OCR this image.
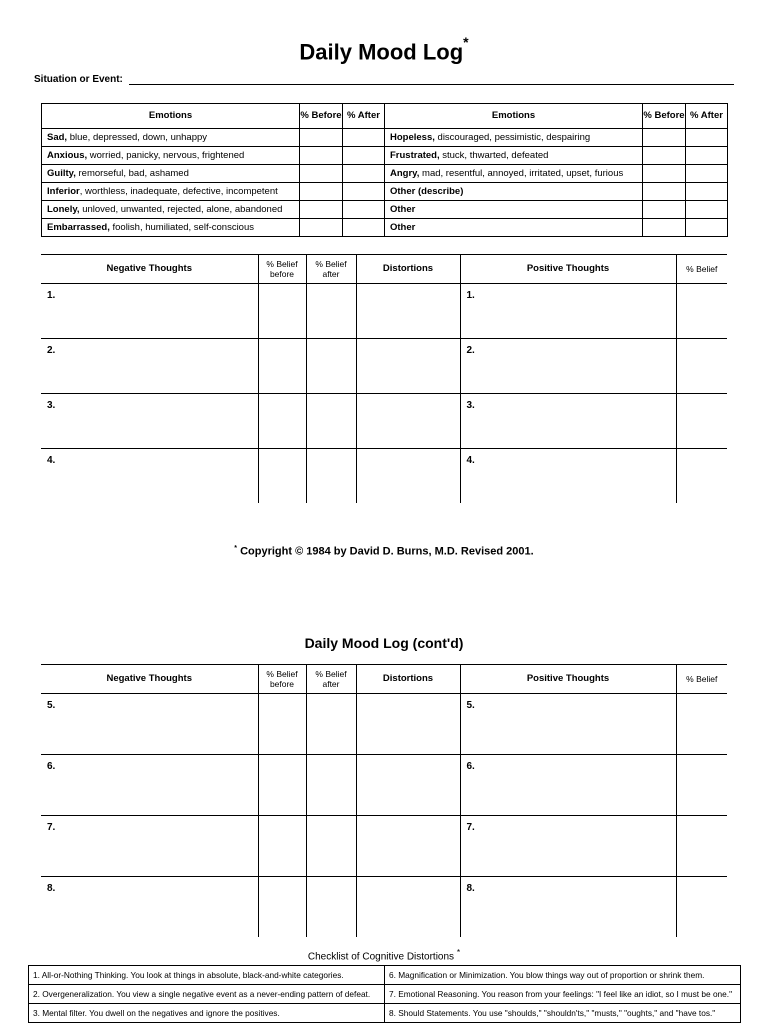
Daily Mood Log*
Situation or Event:
Emotions	% Before	% After	Emotions	% Before	% After
Sad, blue, depressed, down, unhappy			Hopeless, discouraged, pessimistic, despairing		
Anxious, worried, panicky, nervous, frightened			Frustrated, stuck, thwarted, defeated		
Guilty, remorseful, bad, ashamed			Angry, mad, resentful, annoyed, irritated, upset, furious		
Inferior, worthless, inadequate, defective, incompetent			Other (describe)		
Lonely, unloved, unwanted, rejected, alone, abandoned			Other		
Embarrassed, foolish, humiliated, self-conscious			Other		
Negative Thoughts	% Belief before	% Belief after	Distortions	Positive Thoughts	% Belief
1.				1.	
2.				2.	
3.				3.	
4.				4.	
* Copyright © 1984 by David D. Burns, M.D. Revised 2001.
Daily Mood Log (cont'd)
Negative Thoughts	% Belief before	% Belief after	Distortions	Positive Thoughts	% Belief
5.				5.	
6.				6.	
7.				7.	
8.				8.	
Checklist of Cognitive Distortions *
1. All-or-Nothing Thinking. You look at things in absolute, black-and-white categories.	6. Magnification or Minimization. You blow things way out of proportion or shrink them.
2. Overgeneralization. You view a single negative event as a never-ending pattern of defeat.	7. Emotional Reasoning. You reason from your feelings: "I feel like an idiot, so I must be one."
3. Mental filter. You dwell on the negatives and ignore the positives.	8. Should Statements. You use "shoulds," "shouldn'ts," "musts," "oughts," and "have tos."
